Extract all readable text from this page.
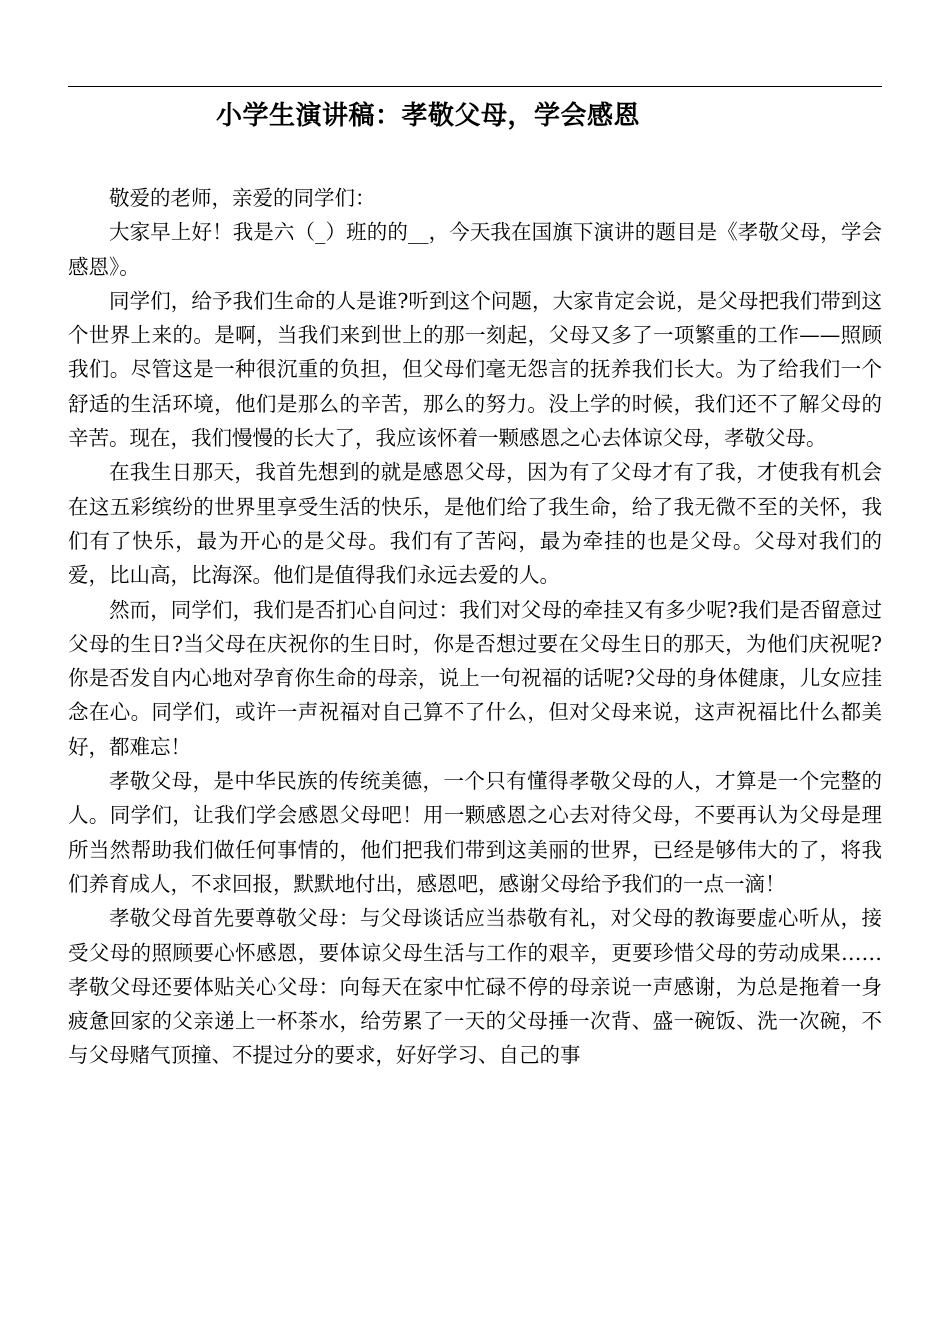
小学生演讲稿：孝敬父母，学会感恩

敬爱的老师，亲爱的同学们：

大家早上好！我是六（_）班的的__，今天我在国旗下演讲的题目是《孝敬父母，学会感恩》。

同学们，给予我们生命的人是谁?听到这个问题，大家肯定会说，是父母把我们带到这个世界上来的。是啊，当我们来到世上的那一刻起，父母又多了一项繁重的工作——照顾我们。尽管这是一种很沉重的负担，但父母们毫无怨言的抚养我们长大。为了给我们一个舒适的生活环境，他们是那么的辛苦，那么的努力。没上学的时候，我们还不了解父母的辛苦。现在，我们慢慢的长大了，我应该怀着一颗感恩之心去体谅父母，孝敬父母。

在我生日那天，我首先想到的就是感恩父母，因为有了父母才有了我，才使我有机会在这五彩缤纷的世界里享受生活的快乐，是他们给了我生命，给了我无微不至的关怀，我们有了快乐，最为开心的是父母。我们有了苦闷，最为牵挂的也是父母。父母对我们的爱，比山高，比海深。他们是值得我们永远去爱的人。

然而，同学们，我们是否扪心自问过：我们对父母的牵挂又有多少呢?我们是否留意过父母的生日?当父母在庆祝你的生日时，你是否想过要在父母生日的那天，为他们庆祝呢?你是否发自内心地对孕育你生命的母亲，说上一句祝福的话呢?父母的身体健康，儿女应挂念在心。同学们，或许一声祝福对自己算不了什么，但对父母来说，这声祝福比什么都美好，都难忘！

孝敬父母，是中华民族的传统美德，一个只有懂得孝敬父母的人，才算是一个完整的人。同学们，让我们学会感恩父母吧！用一颗感恩之心去对待父母，不要再认为父母是理所当然帮助我们做任何事情的，他们把我们带到这美丽的世界，已经是够伟大的了，将我们养育成人，不求回报，默默地付出，感恩吧，感谢父母给予我们的一点一滴！

孝敬父母首先要尊敬父母：与父母谈话应当恭敬有礼，对父母的教诲要虚心听从，接受父母的照顾要心怀感恩，要体谅父母生活与工作的艰辛，更要珍惜父母的劳动成果……孝敬父母还要体贴关心父母：向每天在家中忙碌不停的母亲说一声感谢，为总是拖着一身疲惫回家的父亲递上一杯茶水，给劳累了一天的父母捶一次背、盛一碗饭、洗一次碗，不与父母赌气顶撞、不提过分的要求，好好学习、自己的事
